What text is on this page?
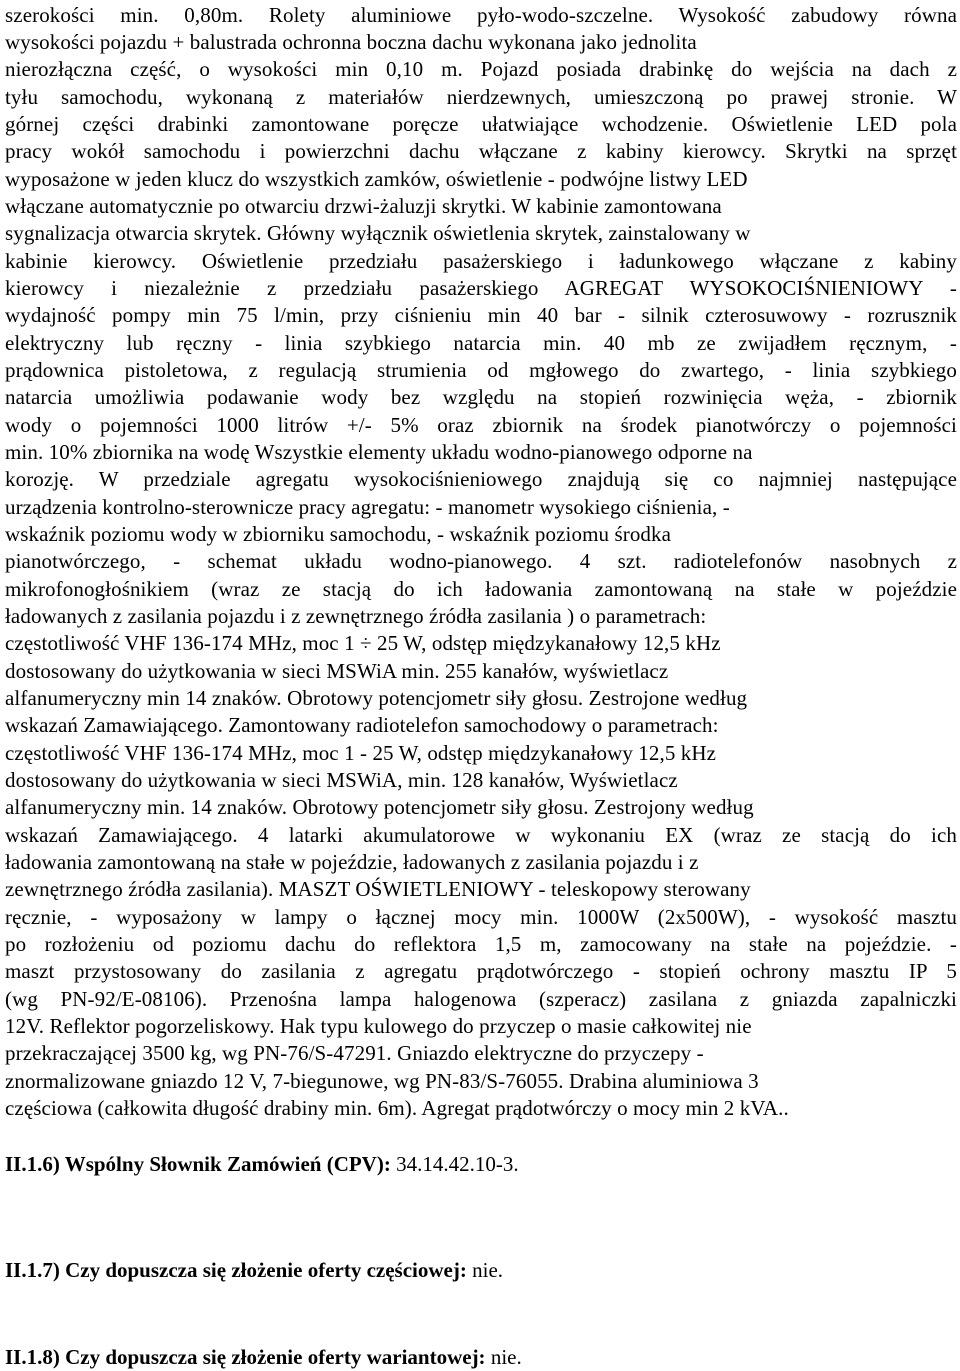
szerokości min. 0,80m. Rolety aluminiowe pyło-wodo-szczelne. Wysokość zabudowy równa
wysokości pojazdu + balustrada ochronna boczna dachu wykonana jako jednolita
nierozłączna część, o wysokości min 0,10 m. Pojazd posiada drabinkę do wejścia na dach z
tyłu samochodu, wykonaną z materiałów nierdzewnych, umieszczoną po prawej stronie. W
górnej części drabinki zamontowane poręcze ułatwiające wchodzenie. Oświetlenie LED pola
pracy wokół samochodu i powierzchni dachu włączane z kabiny kierowcy. Skrytki na sprzęt
wyposażone w jeden klucz do wszystkich zamków, oświetlenie - podwójne listwy LED
włączane automatycznie po otwarciu drzwi-żaluzji skrytki. W kabinie zamontowana
sygnalizacja otwarcia skrytek. Główny wyłącznik oświetlenia skrytek, zainstalowany w
kabinie kierowcy. Oświetlenie przedziału pasażerskiego i ładunkowego włączane z kabiny
kierowcy i niezależnie z przedziału pasażerskiego AGREGAT WYSOKOCIŚNIENIOWY -
wydajność pompy min 75 l/min, przy ciśnieniu min 40 bar - silnik czterosuwowy - rozrusznik
elektryczny lub ręczny - linia szybkiego natarcia min. 40 mb ze zwijadłem ręcznym, -
prądownica pistoletowa, z regulacją strumienia od mgłowego do zwartego, - linia szybkiego
natarcia umożliwia podawanie wody bez względu na stopień rozwinięcia węża, - zbiornik
wody o pojemności 1000 litrów +/- 5% oraz zbiornik na środek pianotwórczy o pojemności
min. 10% zbiornika na wodę Wszystkie elementy układu wodno-pianowego odporne na
korozję. W przedziale agregatu wysokociśnieniowego znajdują się co najmniej następujące
urządzenia kontrolno-sterownicze pracy agregatu: - manometr wysokiego ciśnienia, -
wskaźnik poziomu wody w zbiorniku samochodu, - wskaźnik poziomu środka
pianotwórczego, - schemat układu wodno-pianowego. 4 szt. radiotelefonów nasobnych z
mikrofonogłośnikiem (wraz ze stacją do ich ładowania zamontowaną na stałe w pojeździe
ładowanych z zasilania pojazdu i z zewnętrznego źródła zasilania ) o parametrach:
częstotliwość VHF 136-174 MHz, moc 1 ÷ 25 W, odstęp międzykanałowy 12,5 kHz
dostosowany do użytkowania w sieci MSWiA min. 255 kanałów, wyświetlacz
alfanumeryczny min 14 znaków. Obrotowy potencjometr siły głosu. Zestrojone według
wskazań Zamawiającego. Zamontowany radiotelefon samochodowy o parametrach:
częstotliwość VHF 136-174 MHz, moc 1 - 25 W, odstęp międzykanałowy 12,5 kHz
dostosowany do użytkowania w sieci MSWiA, min. 128 kanałów, Wyświetlacz
alfanumeryczny min. 14 znaków. Obrotowy potencjometr siły głosu. Zestrojony według
wskazań Zamawiającego. 4 latarki akumulatorowe w wykonaniu EX (wraz ze stacją do ich
ładowania zamontowaną na stałe w pojeździe, ładowanych z zasilania pojazdu i z
zewnętrznego źródła zasilania). MASZT OŚWIETLENIOWY - teleskopowy sterowany
ręcznie, - wyposażony w lampy o łącznej mocy min. 1000W (2x500W), - wysokość masztu
po rozłożeniu od poziomu dachu do reflektora 1,5 m, zamocowany na stałe na pojeździe. -
maszt przystosowany do zasilania z agregatu prądotwórczego - stopień ochrony masztu IP 5
(wg PN-92/E-08106). Przenośna lampa halogenowa (szperacz) zasilana z gniazda zapalniczki
12V. Reflektor pogorzeliskowy. Hak typu kulowego do przyczep o masie całkowitej nie
przekraczającej 3500 kg, wg PN-76/S-47291. Gniazdo elektryczne do przyczepy -
znormalizowane gniazdo 12 V, 7-biegunowe, wg PN-83/S-76055. Drabina aluminiowa 3
częściowa (całkowita długość drabiny min. 6m). Agregat prądotwórczy o mocy min 2 kVA..
II.1.6) Wspólny Słownik Zamówień (CPV): 34.14.42.10-3.
II.1.7) Czy dopuszcza się złożenie oferty częściowej: nie.
II.1.8) Czy dopuszcza się złożenie oferty wariantowej: nie.
